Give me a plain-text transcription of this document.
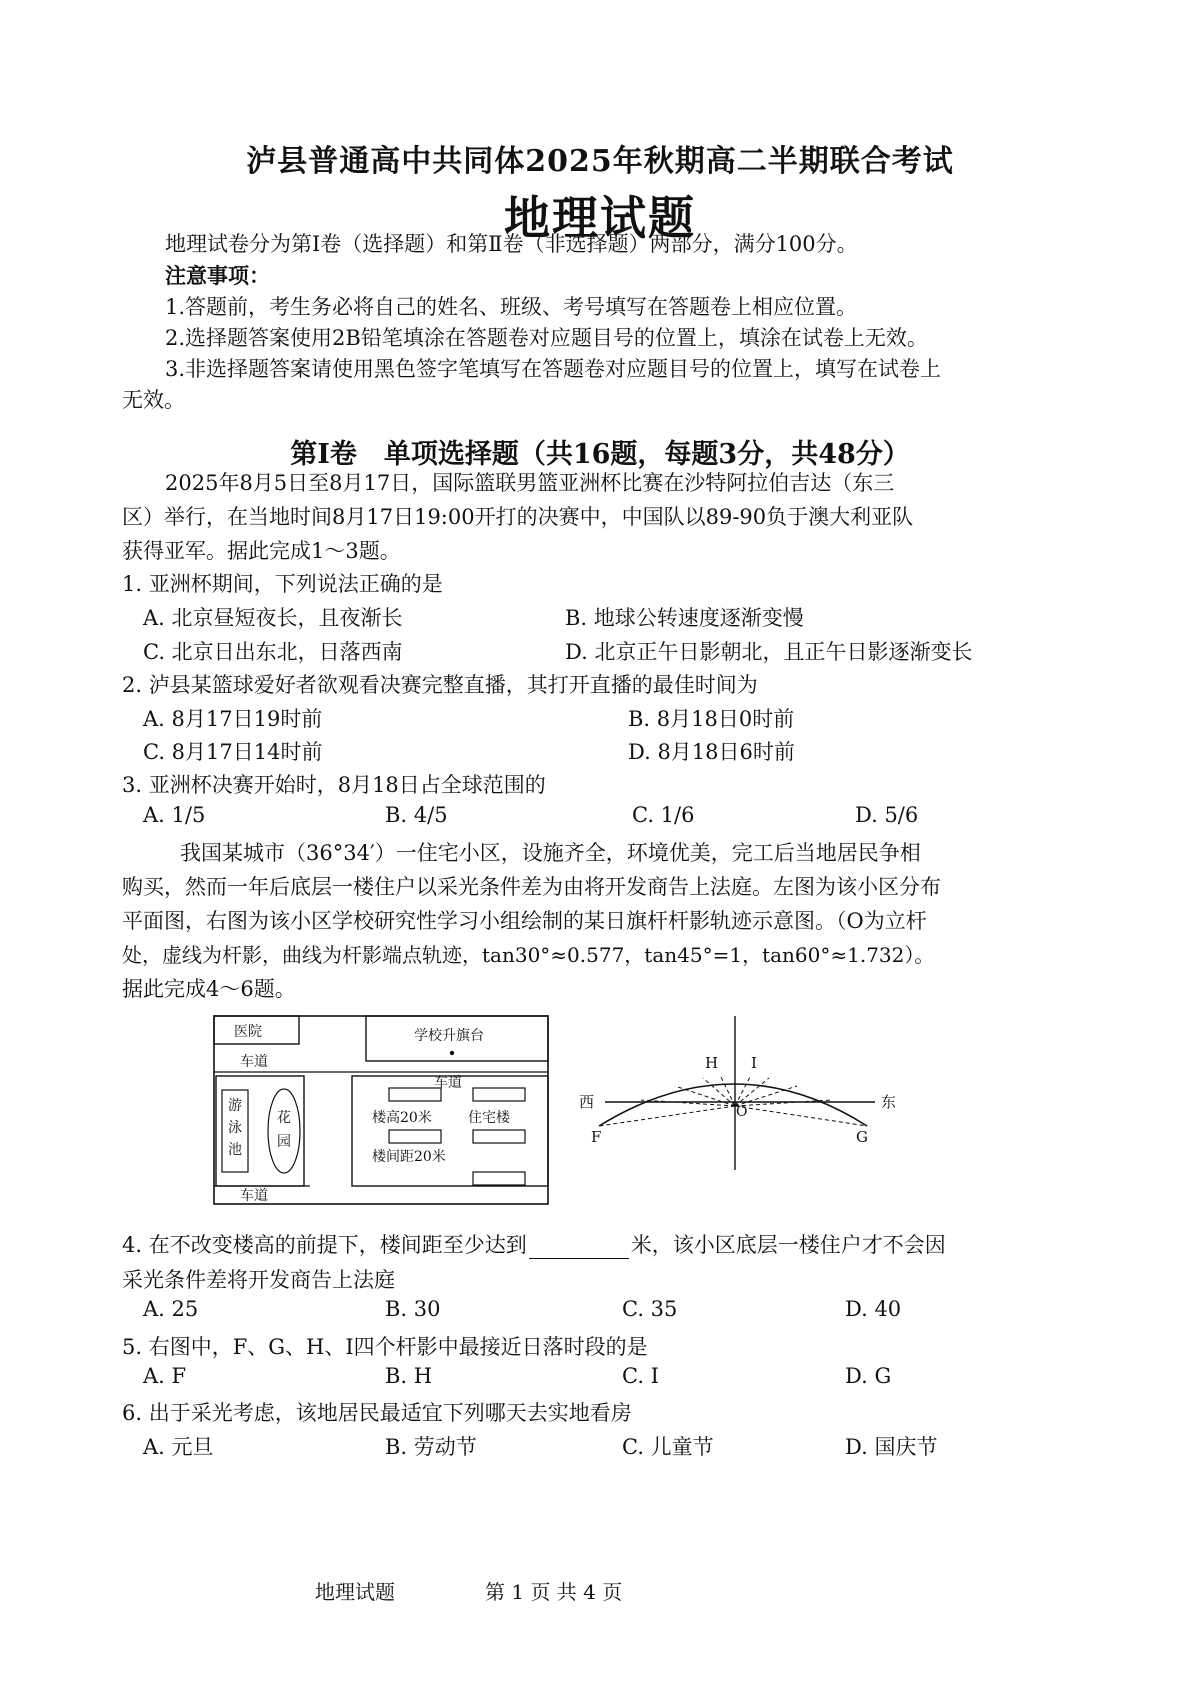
泸县普通高中共同体2025年秋期高二半期联合考试
地理试题
地理试卷分为第Ⅰ卷（选择题）和第Ⅱ卷（非选择题）两部分，满分100分。
注意事项：
1.答题前，考生务必将自己的姓名、班级、考号填写在答题卷上相应位置。
2.选择题答案使用2B铅笔填涂在答题卷对应题目号的位置上，填涂在试卷上无效。
3.非选择题答案请使用黑色签字笔填写在答题卷对应题目号的位置上，填写在试卷上
无效。
第Ⅰ卷　单项选择题（共16题，每题3分，共48分）
2025年8月5日至8月17日，国际篮联男篮亚洲杯比赛在沙特阿拉伯吉达（东三
区）举行，在当地时间8月17日19:00开打的决赛中，中国队以89-90负于澳大利亚队
获得亚军。据此完成1～3题。
1. 亚洲杯期间，下列说法正确的是
A. 北京昼短夜长，且夜渐长	B. 地球公转速度逐渐变慢
C. 北京日出东北，日落西南	D. 北京正午日影朝北，且正午日影逐渐变长
2. 泸县某篮球爱好者欲观看决赛完整直播，其打开直播的最佳时间为
A. 8月17日19时前	B. 8月18日0时前
C. 8月17日14时前	D. 8月18日6时前
3. 亚洲杯决赛开始时，8月18日占全球范围的
A. 1/5	B. 4/5	C. 1/6	D. 5/6
我国某城市（36°34′）一住宅小区，设施齐全，环境优美，完工后当地居民争相
购买，然而一年后底层一楼住户以采光条件差为由将开发商告上法庭。左图为该小区分布
平面图，右图为该小区学校研究性学习小组绘制的某日旗杆杆影轨迹示意图。（O为立杆
处，虚线为杆影，曲线为杆影端点轨迹，tan30°≈0.577，tan45°=1，tan60°≈1.732）。
据此完成4～6题。
医院	学校升旗台
车道
车道
游
泳
池
花
园
车道
楼高20米	住宅楼
楼间距20米
西	东
O
F	G
H I
4. 在不改变楼高的前提下，楼间距至少达到	米，该小区底层一楼住户才不会因
采光条件差将开发商告上法庭
A. 25	B. 30	C. 35	D. 40
5. 右图中，F、G、H、I四个杆影中最接近日落时段的是
A. F	B. H	C. I	D. G
6. 出于采光考虑，该地居民最适宜下列哪天去实地看房
A. 元旦	B. 劳动节	C. 儿童节	D. 国庆节
地理试题	第 1 页 共 4 页
